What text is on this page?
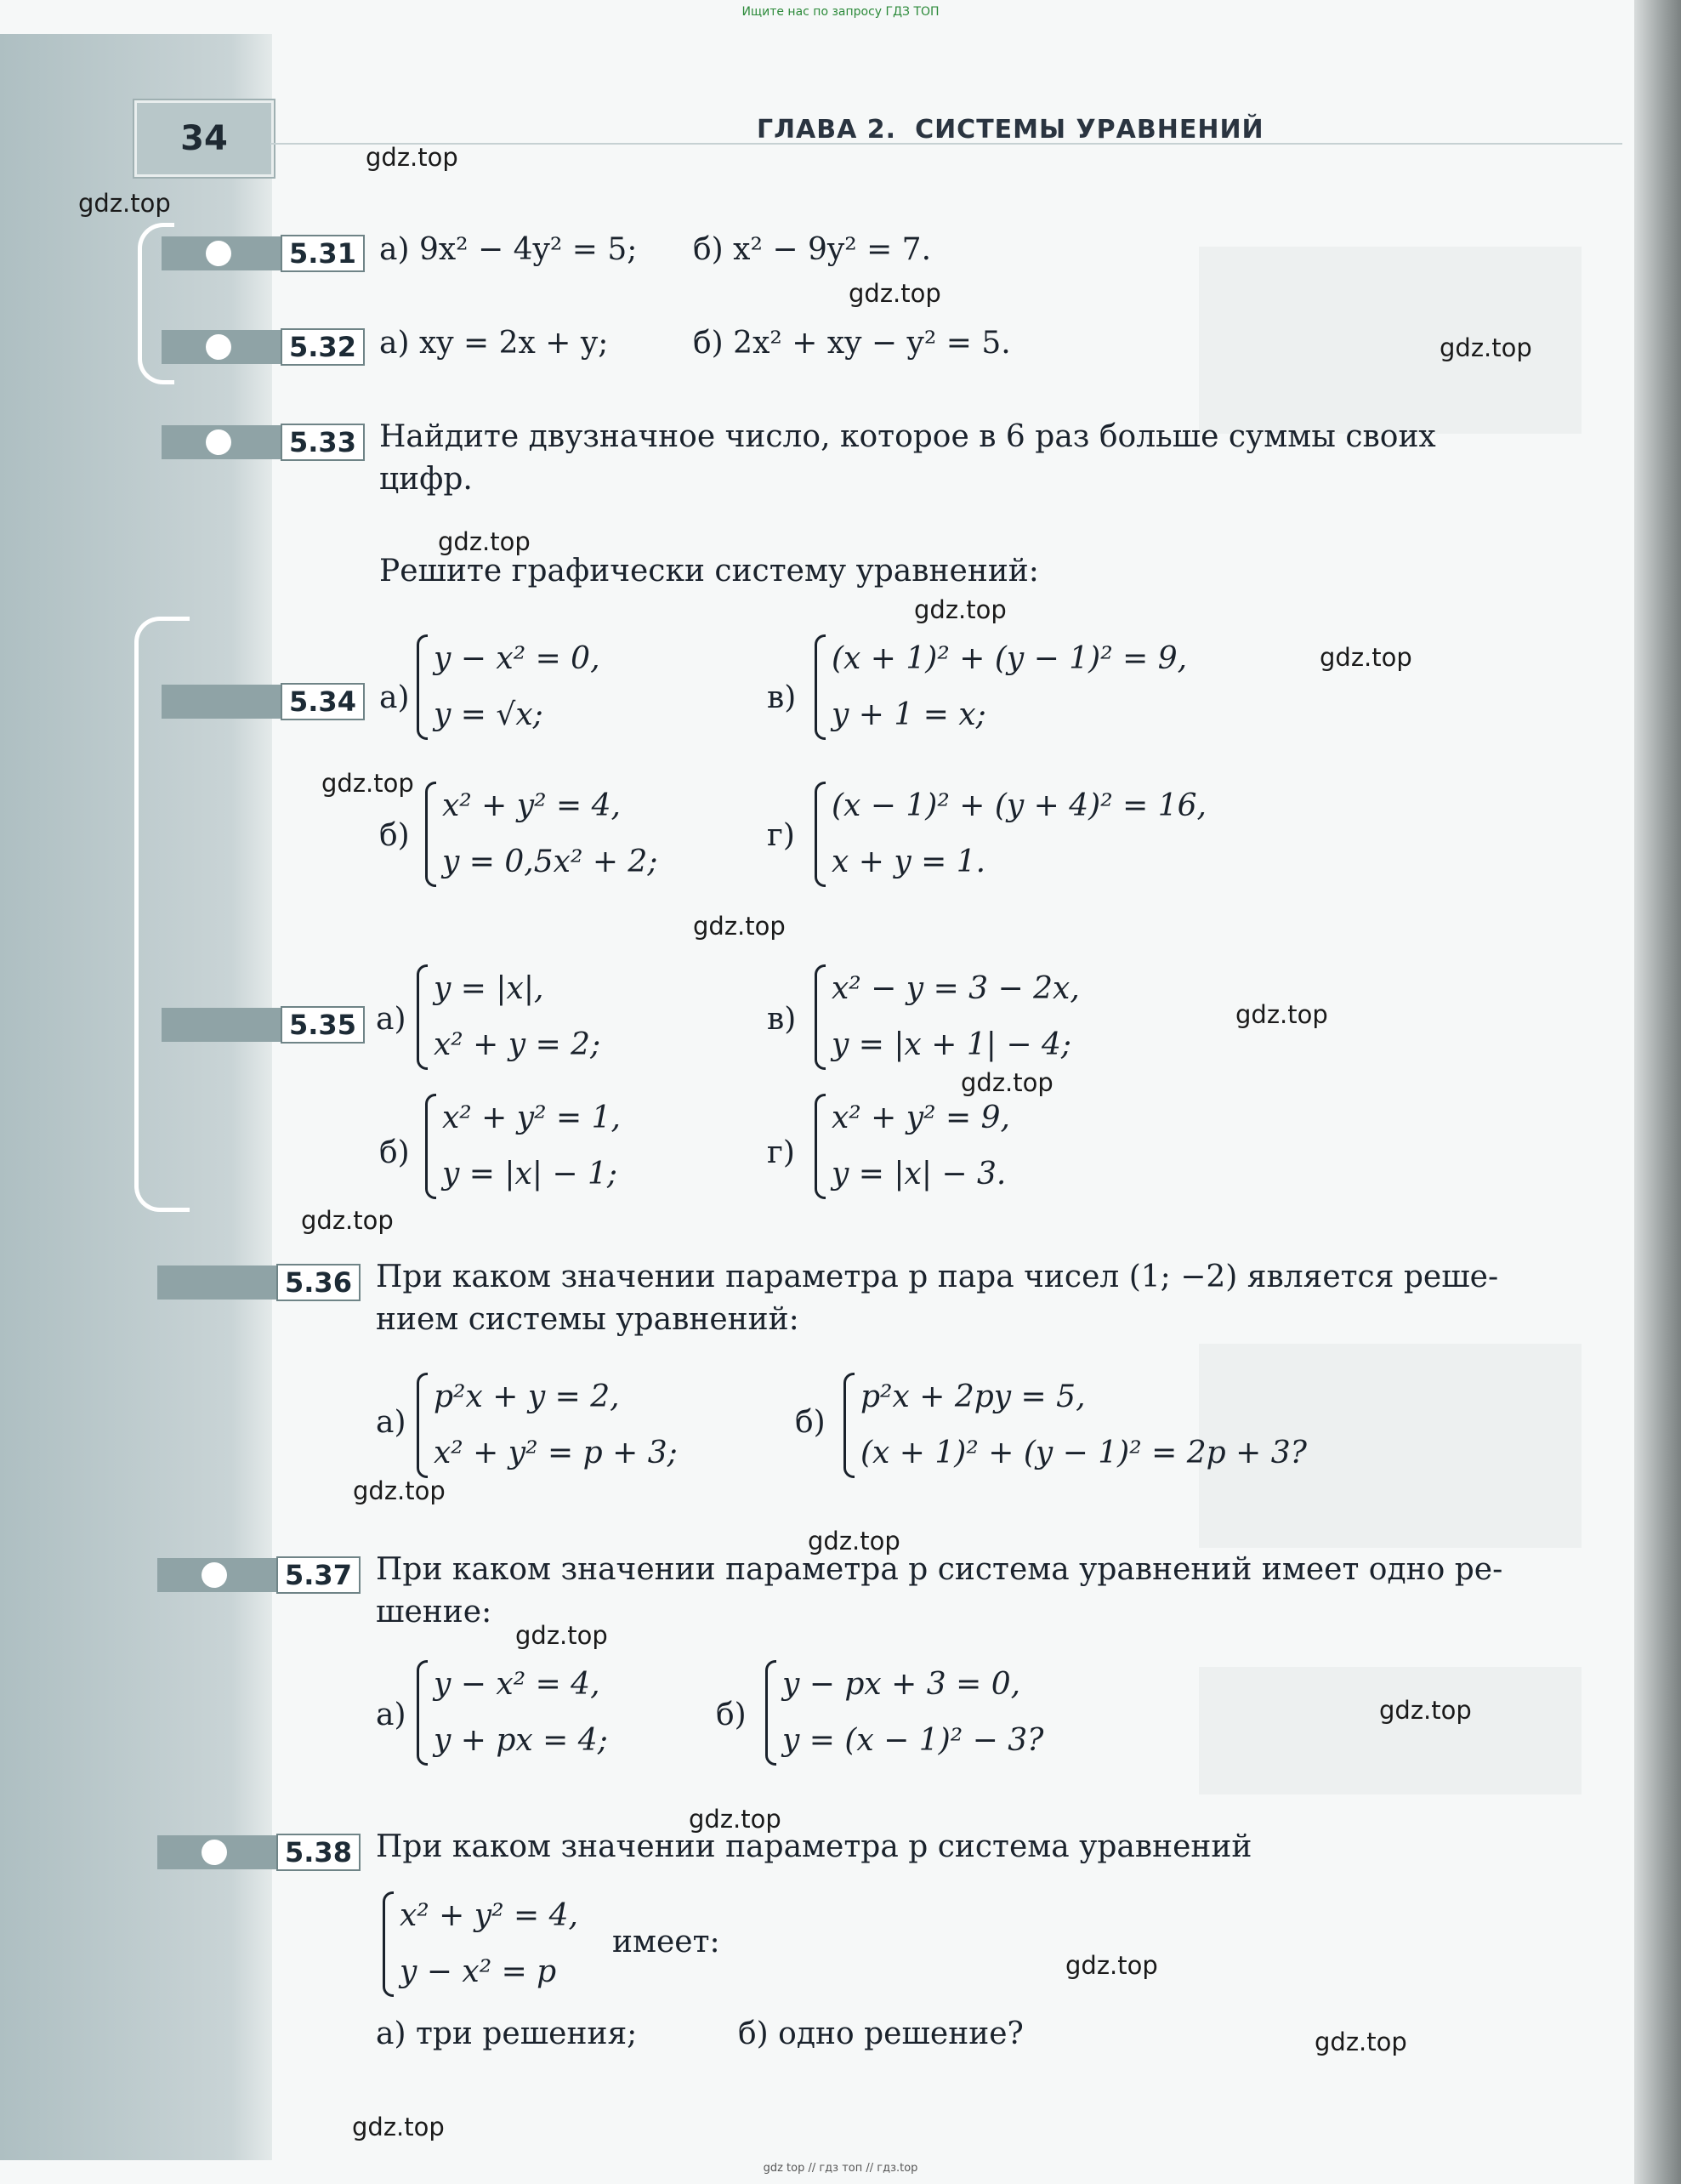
Ищите нас по запросу ГДЗ ТОП
34	ГЛАВА 2. СИСТЕМЫ УРАВНЕНИЙ
5.31 а) 9x² − 4y² = 5; б) x² − 9y² = 7.
5.32 а) xy = 2x + y;	б) 2x² + xy − y² = 5.
5.33 Найдите двузначное число, которое в 6 раз больше суммы своих
цифр.
Решите графически систему уравнений:
5.34 а)
y − x² = 0,
y = √x;	в)
(x + 1)² + (y − 1)² = 9,
y + 1 = x;
б)
x² + y² = 4,
y = 0,5x² + 2;
г)
(x − 1)² + (y + 4)² = 16,
x + y = 1.
5.35 а)
y = |x|,
x² + y = 2;
в)
x² − y = 3 − 2x,
y = |x + 1| − 4;
б)
x² + y² = 1,
y = |x| − 1;
г)
x² + y² = 9,
y = |x| − 3.
5.36 При каком значении параметра p пара чисел (1; −2) является реше-
нием системы уравнений:
а)
p²x + y = 2,
x² + y² = p + 3;
б)
p²x + 2py = 5,
(x + 1)² + (y − 1)² = 2p + 3?
5.37 При каком значении параметра p система уравнений имеет одно ре-
шение:
а)
y − x² = 4,
y + px = 4;
б)
y − px + 3 = 0,
y = (x − 1)² − 3?
5.38 При каком значении параметра p система уравнений
x² + y² = 4,
y − x² = p
имеет:
а) три решения;	б) одно решение?
gdz.top
gdz.top
gdz.top
gdz.top
gdz.top
gdz.top
gdz.top
gdz.top
gdz.top
gdz.top
gdz.top
gdz.top
gdz.top
gdz.top
gdz.top
gdz.top
gdz.top
gdz.top
gdz.top
gdz.top
gdz top // гдз топ // гдз.top
